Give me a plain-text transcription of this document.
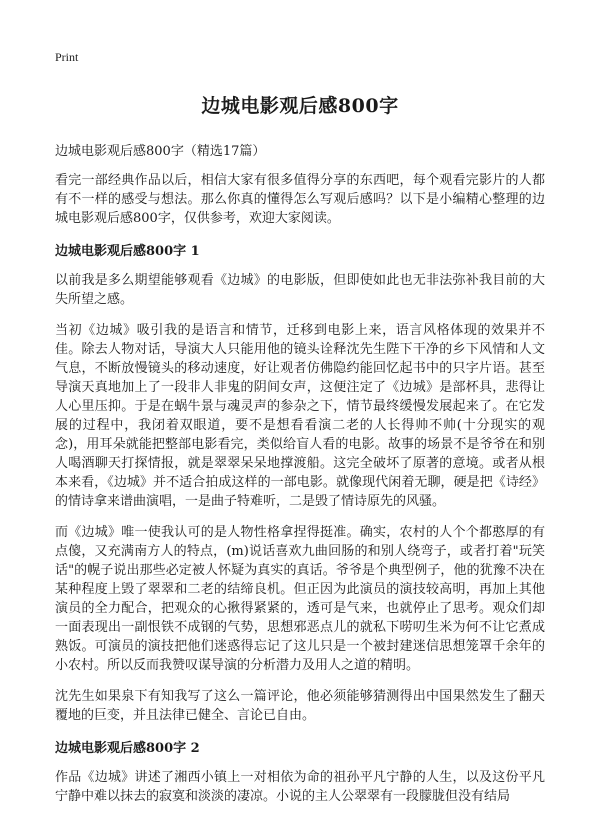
Print
边城电影观后感800字
边城电影观后感800字（精选17篇）

看完一部经典作品以后，相信大家有很多值得分享的东西吧，每个观看完影片的人都有不一样的感受与想法。那么你真的懂得怎么写观后感吗？以下是小编精心整理的边城电影观后感800字，仅供参考，欢迎大家阅读。

边城电影观后感800字 1

以前我是多么期望能够观看《边城》的电影版，但即使如此也无非法弥补我目前的大失所望之感。

当初《边城》吸引我的是语言和情节，迁移到电影上来，语言风格体现的效果并不佳。除去人物对话，导演大人只能用他的镜头诠释沈先生陛下干净的乡下风情和人文气息，不断放慢镜头的移动速度，好让观者仿佛隐约能回忆起书中的只字片语。甚至导演天真地加上了一段非人非鬼的阴间女声，这便注定了《边城》是部杯具，悲得让人心里压抑。于是在蜗牛景与魂灵声的参杂之下，情节最终缓慢发展起来了。在它发展的过程中，我闭着双眼道，要不是想看看演二老的人长得帅不帅(十分现实的观念)，用耳朵就能把整部电影看完，类似给盲人看的电影。故事的场景不是爷爷在和别人喝酒聊天打探情报，就是翠翠呆呆地撑渡船。这完全破坏了原著的意境。或者从根本来看，《边城》并不适合拍成这样的一部电影。就像现代闲着无聊，硬是把《诗经》的情诗拿来谱曲演唱，一是曲子特难听，二是毁了情诗原先的风骚。

而《边城》唯一使我认可的是人物性格拿捏得挺准。确实，农村的人个个都憨厚的有点傻，又充满南方人的特点，(m)说话喜欢九曲回肠的和别人绕弯子，或者打着"玩笑话"的幌子说出那些必定被人怀疑为真实的真话。爷爷是个典型例子，他的犹豫不决在某种程度上毁了翠翠和二老的结缔良机。但正因为此演员的演技较高明，再加上其他演员的全力配合，把观众的心揪得紧紧的，透可是气来，也就停止了思考。观众们却一面表现出一副恨铁不成钢的气势，思想邪恶点儿的就私下唠叨生米为何不让它煮成熟饭。可演员的演技把他们迷惑得忘记了这儿只是一个被封建迷信思想笼罩千余年的小农村。所以反而我赞叹谋导演的分析潜力及用人之道的精明。

沈先生如果泉下有知我写了这么一篇评论，他必须能够猜测得出中国果然发生了翻天覆地的巨变，并且法律已健全、言论已自由。

边城电影观后感800字 2

作品《边城》讲述了湘西小镇上一对相依为命的祖孙平凡宁静的人生，以及这份平凡宁静中难以抹去的寂寞和淡淡的凄凉。小说的主人公翠翠有一段朦胧但没有结局
